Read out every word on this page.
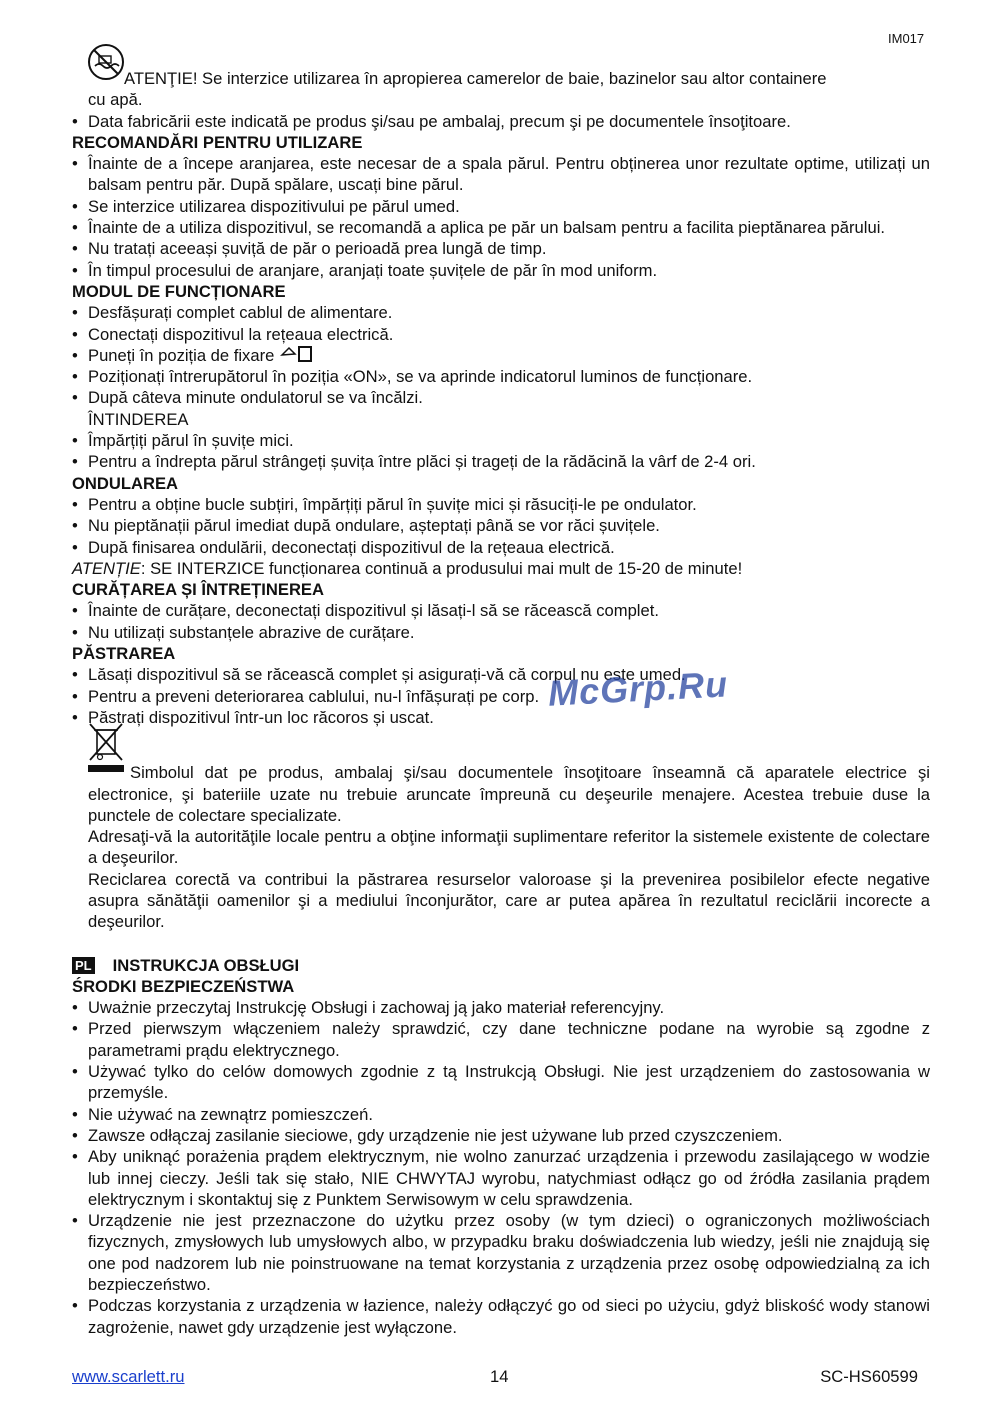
IM017
ATENŢIE! Se interzice utilizarea în apropierea camerelor de baie, bazinelor sau altor containere
cu apă.
• Data fabricării este indicată pe produs şi/sau pe ambalaj, precum şi pe documentele însoţitoare.
RECOMANDĂRI PENTRU UTILIZARE
• Înainte de a începe aranjarea, este necesar de a spala părul. Pentru obținerea unor rezultate optime, utilizați un balsam pentru păr. După spălare, uscați bine părul.
• Se interzice utilizarea dispozitivului pe părul umed.
• Înainte de a utiliza dispozitivul, se recomandă a aplica pe păr un balsam pentru a facilita pieptănarea părului.
• Nu tratați aceeași șuviță de păr o perioadă prea lungă de timp.
• În timpul procesului de aranjare, aranjați toate șuvițele de păr în mod uniform.
MODUL DE FUNCȚIONARE
• Desfășurați complet cablul de alimentare.
• Conectați dispozitivul la rețeaua electrică.
• Puneți în poziția de fixare
• Poziționați întrerupătorul în poziția «ON», se va aprinde indicatorul luminos de funcționare.
• După câteva minute ondulatorul se va încălzi.
ÎNTINDEREA
• Împărțiți părul în șuvițe mici.
• Pentru a îndrepta părul strângeți șuvița între plăci și trageți de la rădăcină la vârf de 2-4 ori.
ONDULAREA
• Pentru a obține bucle subțiri, împărțiți părul în șuvițe mici și răsuciți-le pe ondulator.
• Nu pieptănații părul imediat după ondulare, așteptați până se vor răci șuvițele.
• După finisarea ondulării, deconectați dispozitivul de la rețeaua electrică.
ATENȚIE: SE INTERZICE funcționarea continuă a produsului mai mult de 15-20 de minute!
CURĂȚAREA ȘI ÎNTREȚINEREA
• Înainte de curățare, deconectați dispozitivul și lăsați-l să se răcească complet.
• Nu utilizați substanțele abrazive de curățare.
PĂSTRAREA
• Lăsați dispozitivul să se răcească complet și asigurați-vă că corpul nu este umed.
• Pentru a preveni deteriorarea cablului, nu-l înfășurați pe corp.
• Păstrați dispozitivul într-un loc răcoros și uscat.
Simbolul dat pe produs, ambalaj şi/sau documentele însoţitoare înseamnă că aparatele electrice şi electronice, şi bateriile uzate nu trebuie aruncate împreună cu deşeurile menajere. Acestea trebuie duse la punctele de colectare specializate.
Adresaţi-vă la autorităţile locale pentru a obţine informaţii suplimentare referitor la sistemele existente de colectare a deşeurilor.
Reciclarea corectă va contribui la păstrarea resurselor valoroase şi la prevenirea posibilelor efecte negative asupra sănătăţii oamenilor şi a mediului înconjurător, care ar putea apărea în rezultatul reciclării incorecte a deşeurilor.
PL INSTRUKCJA OBSŁUGI
ŚRODKI BEZPIECZEŃSTWA
• Uważnie przeczytaj Instrukcję Obsługi i zachowaj ją jako materiał referencyjny.
• Przed pierwszym włączeniem należy sprawdzić, czy dane techniczne podane na wyrobie są zgodne z parametrami prądu elektrycznego.
• Używać tylko do celów domowych zgodnie z tą Instrukcją Obsługi. Nie jest urządzeniem do zastosowania w przemyśle.
• Nie używać na zewnątrz pomieszczeń.
• Zawsze odłączaj zasilanie sieciowe, gdy urządzenie nie jest używane lub przed czyszczeniem.
• Aby uniknąć porażenia prądem elektrycznym, nie wolno zanurzać urządzenia i przewodu zasilającego w wodzie lub innej cieczy. Jeśli tak się stało, NIE CHWYTAJ wyrobu, natychmiast odłącz go od źródła zasilania prądem elektrycznym i skontaktuj się z Punktem Serwisowym w celu sprawdzenia.
• Urządzenie nie jest przeznaczone do użytku przez osoby (w tym dzieci) o ograniczonych możliwościach fizycznych, zmysłowych lub umysłowych albo, w przypadku braku doświadczenia lub wiedzy, jeśli nie znajdują się one pod nadzorem lub nie poinstruowane na temat korzystania z urządzenia przez osobę odpowiedzialną za ich bezpieczeństwo.
• Podczas korzystania z urządzenia w łazience, należy odłączyć go od sieci po użyciu, gdyż bliskość wody stanowi zagrożenie, nawet gdy urządzenie jest wyłączone.
McGrp.Ru
www.scarlett.ru	14	SC-HS60599
